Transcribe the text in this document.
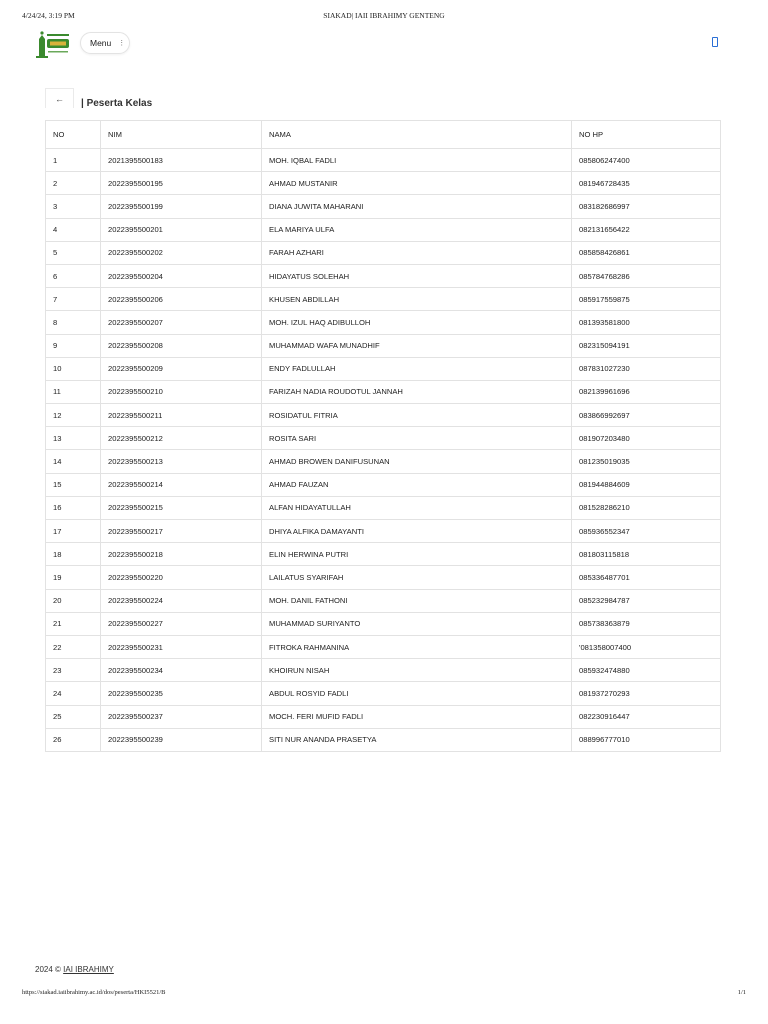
4/24/24, 3:19 PM	SIAKAD| IAII IBRAHIMY GENTENG
Menu ⋮
← | Peserta Kelas
NO	NIM	NAMA	NO HP
1	2021395500183	MOH. IQBAL FADLI	085806247400
2	2022395500195	AHMAD MUSTANIR	081946728435
3	2022395500199	DIANA JUWITA MAHARANI	083182686997
4	2022395500201	ELA MARIYA ULFA	082131656422
5	2022395500202	FARAH AZHARI	085858426861
6	2022395500204	HIDAYATUS SOLEHAH	085784768286
7	2022395500206	KHUSEN ABDILLAH	085917559875
8	2022395500207	MOH. IZUL HAQ ADIBULLOH	081393581800
9	2022395500208	MUHAMMAD WAFA MUNADHIF	082315094191
10	2022395500209	ENDY FADLULLAH	087831027230
11	2022395500210	FARIZAH NADIA ROUDOTUL JANNAH	082139961696
12	2022395500211	ROSIDATUL FITRIA	083866992697
13	2022395500212	ROSITA SARI	081907203480
14	2022395500213	AHMAD BROWEN DANIFUSUNAN	081235019035
15	2022395500214	AHMAD FAUZAN	081944884609
16	2022395500215	ALFAN HIDAYATULLAH	081528286210
17	2022395500217	DHIYA ALFIKA DAMAYANTI	085936552347
18	2022395500218	ELIN HERWINA PUTRI	081803115818
19	2022395500220	LAILATUS SYARIFAH	085336487701
20	2022395500224	MOH. DANIL FATHONI	085232984787
21	2022395500227	MUHAMMAD SURIYANTO	085738363879
22	2022395500231	FITROKA RAHMANINA	'081358007400
23	2022395500234	KHOIRUN NISAH	085932474880
24	2022395500235	ABDUL ROSYID FADLI	081937270293
25	2022395500237	MOCH. FERI MUFID FADLI	082230916447
26	2022395500239	SITI NUR ANANDA PRASETYA	088996777010
2024 © IAI IBRAHIMY
https://siakad.iaiibrahimy.ac.id/dos/peserta/HKI5521/B	1/1
